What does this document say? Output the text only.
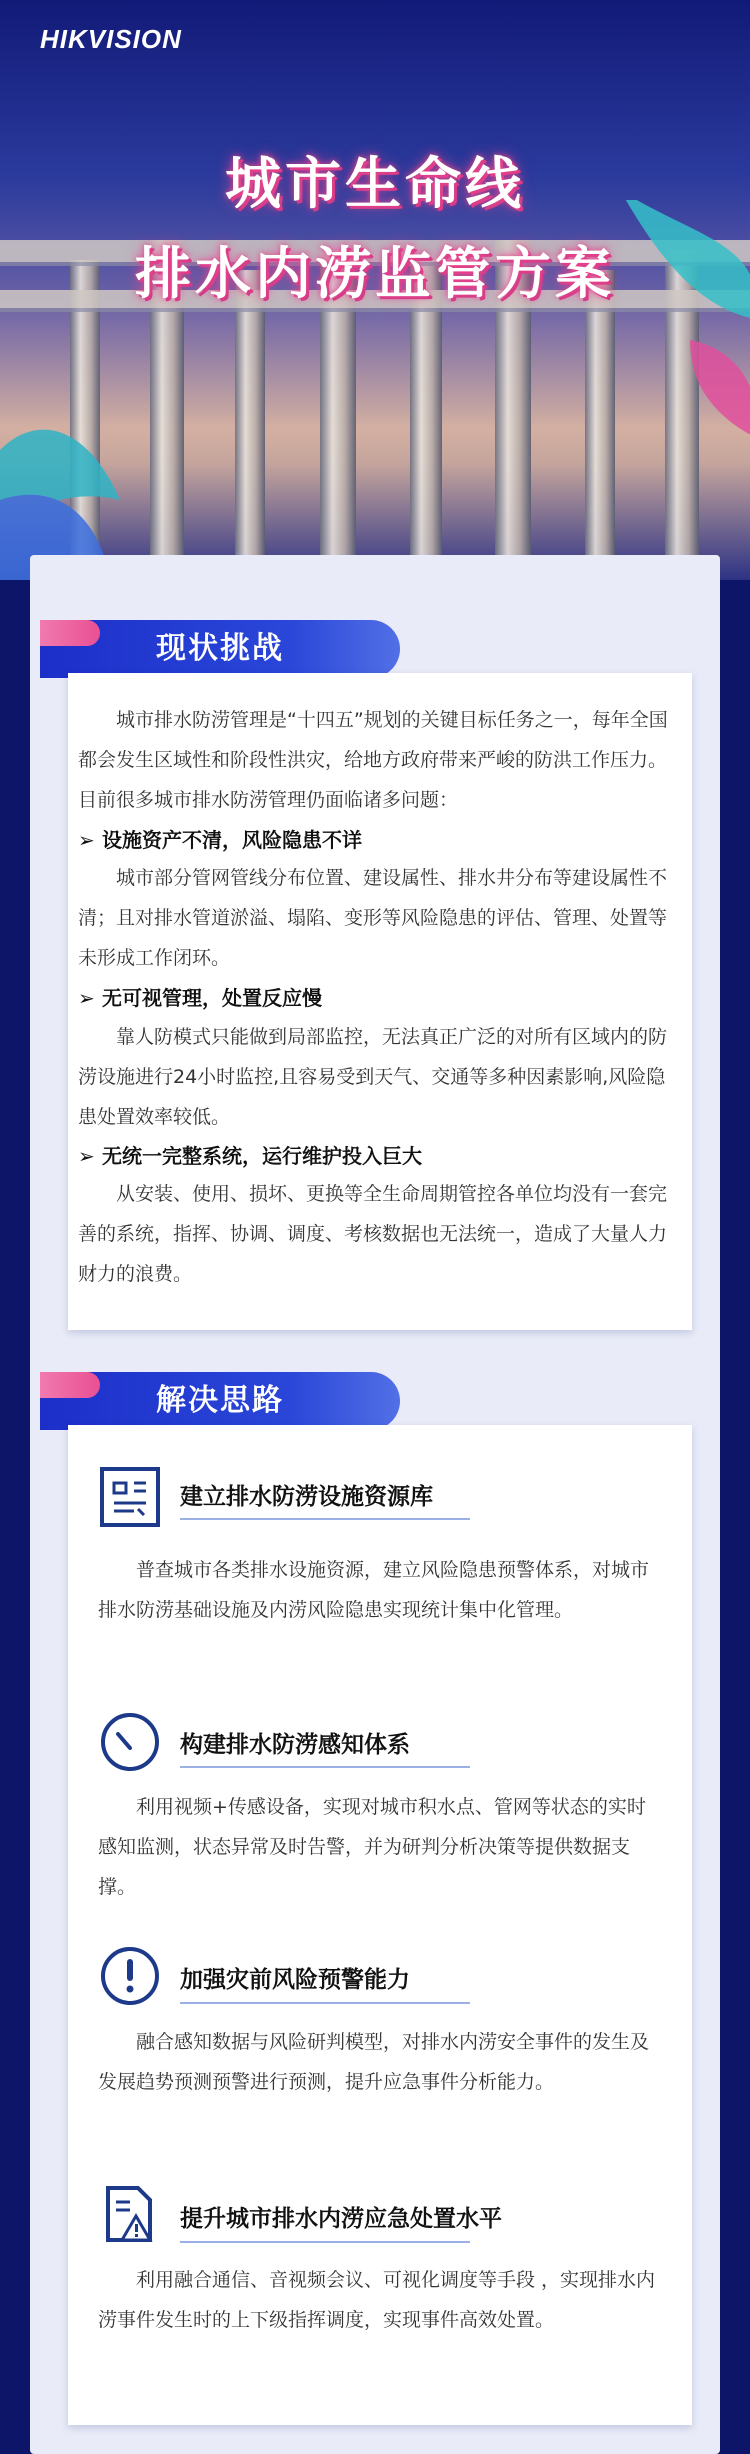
HIKVISION
城市生命线
排水内涝监管方案
现状挑战
城市排水防涝管理是“十四五”规划的关键目标任务之一，每年全国都会发生区域性和阶段性洪灾，给地方政府带来严峻的防洪工作压力。目前很多城市排水防涝管理仍面临诸多问题：
➢ 设施资产不清，风险隐患不详
城市部分管网管线分布位置、建设属性、排水井分布等建设属性不清；且对排水管道淤溢、塌陷、变形等风险隐患的评估、管理、处置等未形成工作闭环。
➢ 无可视管理，处置反应慢
靠人防模式只能做到局部监控，无法真正广泛的对所有区域内的防涝设施进行24小时监控,且容易受到天气、交通等多种因素影响,风险隐患处置效率较低。
➢ 无统一完整系统，运行维护投入巨大
从安装、使用、损坏、更换等全生命周期管控各单位均没有一套完善的系统，指挥、协调、调度、考核数据也无法统一，造成了大量人力财力的浪费。
解决思路
建立排水防涝设施资源库
普查城市各类排水设施资源，建立风险隐患预警体系，对城市排水防涝基础设施及内涝风险隐患实现统计集中化管理。
构建排水防涝感知体系
利用视频+传感设备，实现对城市积水点、管网等状态的实时感知监测，状态异常及时告警，并为研判分析决策等提供数据支撑。
加强灾前风险预警能力
融合感知数据与风险研判模型，对排水内涝安全事件的发生及发展趋势预测预警进行预测，提升应急事件分析能力。
提升城市排水内涝应急处置水平
利用融合通信、音视频会议、可视化调度等手段 ，实现排水内涝事件发生时的上下级指挥调度，实现事件高效处置。
